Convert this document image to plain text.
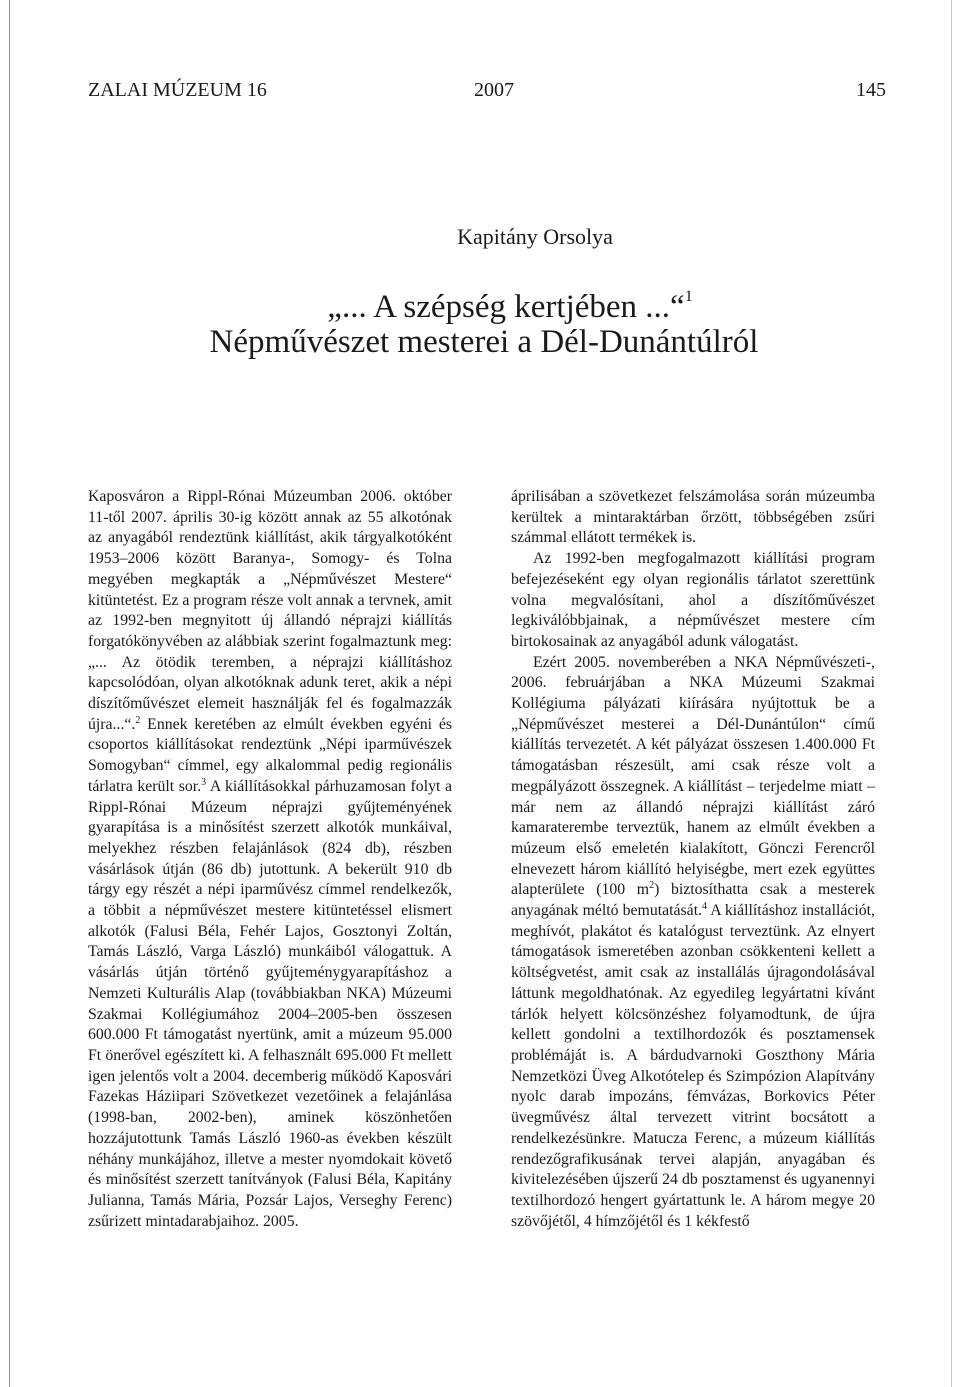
ZALAI MÚZEUM 16	2007	145
Kapitány Orsolya
„... A szépség kertjében ...“$^1$
Népművészet mesterei a Dél-Dunántúlról

Kaposváron a Rippl-Rónai Múzeumban 2006. október 11-től 2007. április 30-ig között annak az 55 alkotónak az anyagából rendeztünk kiállítást, akik tárgyalkotóként 1953–2006 között Baranya-, Somogy- és Tolna megyében megkapták a „Népművészet Mestere“ kitüntetést. Ez a program része volt annak a tervnek, amit az 1992-ben megnyitott új állandó néprajzi kiállítás forgatókönyvében az alábbiak szerint fogalmaztunk meg: „... Az ötödik teremben, a néprajzi kiállításhoz kapcsolódóan, olyan alkotóknak adunk teret, akik a népi díszítőművészet elemeit használják fel és fogalmazzák újra...“.$^2$ Ennek keretében az elmúlt években egyéni és csoportos kiállításokat rendeztünk „Népi iparművészek Somogyban“ címmel, egy alkalommal pedig regionális tárlatra került sor.$^3$ A kiállításokkal párhuzamosan folyt a Rippl-Rónai Múzeum néprajzi gyűjteményének gyarapítása is a minősítést szerzett alkotók munkáival, melyekhez részben felajánlások (824 db), részben vásárlások útján (86 db) jutottunk. A bekerült 910 db tárgy egy részét a népi iparművész címmel rendelkezők, a többit a népművészet mestere kitüntetéssel elismert alkotók (Falusi Béla, Fehér Lajos, Gosztonyi Zoltán, Tamás László, Varga László) munkáiból válogattuk. A vásárlás útján történő gyűjteménygyarapításhoz a Nemzeti Kulturális Alap (továbbiakban NKA) Múzeumi Szakmai Kollégiumához 2004–2005-ben összesen 600.000 Ft támogatást nyertünk, amit a múzeum 95.000 Ft önerővel egészített ki. A felhasznált 695.000 Ft mellett igen jelentős volt a 2004. decemberig működő Kaposvári Fazekas Háziipari Szövetkezet vezetőinek a felajánlása (1998-ban, 2002-ben), aminek köszönhetően hozzájutottunk Tamás László 1960-as években készült néhány munkájához, illetve a mester nyomdokait követő és minősítést szerzett tanítványok (Falusi Béla, Kapitány Julianna, Tamás Mária, Pozsár Lajos, Verseghy Ferenc) zsűrizett mintadarabjaihoz. 2005.

áprilisában a szövetkezet felszámolása során múzeumba kerültek a mintaraktárban őrzött, többségében zsűri számmal ellátott termékek is.

Az 1992-ben megfogalmazott kiállítási program befejezéseként egy olyan regionális tárlatot szerettünk volna megvalósítani, ahol a díszítőművészet legkiválóbbjainak, a népművészet mestere cím birtokosainak az anyagából adunk válogatást.

Ezért 2005. novemberében a NKA Népművészeti-, 2006. februárjában a NKA Múzeumi Szakmai Kollégiuma pályázati kiírására nyújtottuk be a „Népművészet mesterei a Dél-Dunántúlon“ című kiállítás tervezetét. A két pályázat összesen 1.400.000 Ft támogatásban részesült, ami csak része volt a megpályázott összegnek. A kiállítást – terjedelme miatt – már nem az állandó néprajzi kiállítást záró kamaraterembe terveztük, hanem az elmúlt években a múzeum első emeletén kialakított, Gönczi Ferencről elnevezett három kiállító helyiségbe, mert ezek együttes alapterülete (100 $m^2$) biztosíthatta csak a mesterek anyagának méltó bemutatását.$^4$ A kiállításhoz installációt, meghívót, plakátot és katalógust terveztünk. Az elnyert támogatások ismeretében azonban csökkenteni kellett a költségvetést, amit csak az installálás újragondolásával láttunk megoldhatónak. Az egyedileg legyártatni kívánt tárlók helyett kölcsönzéshez folyamodtunk, de újra kellett gondolni a textilhordozók és posztamensek problémáját is. A bárdudvarnoki Goszthony Mária Nemzetközi Üveg Alkotótelep és Szimpózion Alapítvány nyolc darab impozáns, fémvázas, Borkovics Péter üvegművész által tervezett vitrint bocsátott a rendelkezésünkre. Matucza Ferenc, a múzeum kiállítás rendezőgrafikusának tervei alapján, anyagában és kivitelezésében újszerű 24 db posztamenst és ugyanennyi textilhordozó hengert gyártattunk le. A három megye 20 szövőjétől, 4 hímzőjétől és 1 kékfestő
